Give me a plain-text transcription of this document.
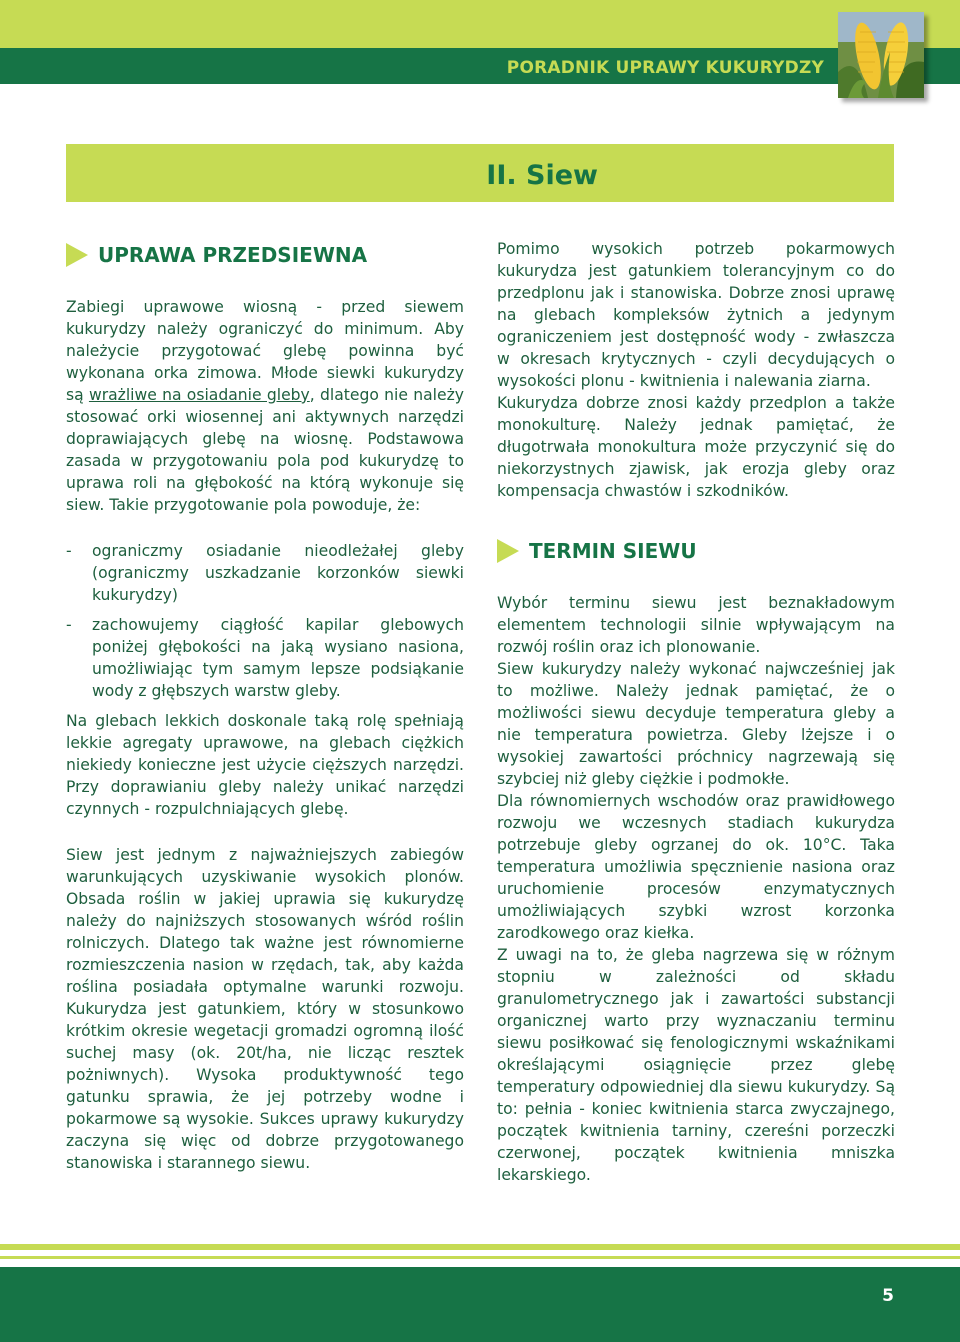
PORADNIK UPRAWY KUKURYDZY
II. Siew
UPRAWA PRZEDSIEWNA

Zabiegi uprawowe wiosną - przed siewem kukurydzy należy ograniczyć do minimum. Aby należycie przygotować glebę powinna być wykonana orka zimowa. Młode siewki kukurydzy są wrażliwe na osiadanie gleby, dlatego nie należy stosować orki wiosennej ani aktywnych narzędzi doprawiających glebę na wiosnę. Podstawowa zasada w przygotowaniu pola pod kukurydzę to uprawa roli na głębokość na którą wykonuje się siew. Takie przygotowanie pola powoduje, że:

-	ograniczmy osiadanie nieodleżałej gleby (ograniczmy uszkadzanie korzonków siewki kukurydzy)
-	zachowujemy ciągłość kapilar glebowych poniżej głębokości na jaką wysiano nasiona, umożliwiając tym samym lepsze podsiąkanie wody z głębszych warstw gleby.

Na glebach lekkich doskonale taką rolę spełniają lekkie agregaty uprawowe, na glebach ciężkich niekiedy konieczne jest użycie cięższych narzędzi. Przy doprawianiu gleby należy unikać narzędzi czynnych - rozpulchniających glebę.

Siew jest jednym z najważniejszych zabiegów warunkujących uzyskiwanie wysokich plonów. Obsada roślin w jakiej uprawia się kukurydzę należy do najniższych stosowanych wśród roślin rolniczych. Dlatego tak ważne jest równomierne rozmieszczenia nasion w rzędach, tak, aby każda roślina posiadała optymalne warunki rozwoju. Kukurydza jest gatunkiem, który w stosunkowo krótkim okresie wegetacji gromadzi ogromną ilość suchej masy (ok. 20t/ha, nie licząc resztek pożniwnych). Wysoka produktywność tego gatunku sprawia, że jej potrzeby wodne i pokarmowe są wysokie. Sukces uprawy kukurydzy zaczyna się więc od dobrze przygotowanego stanowiska i starannego siewu.

Pomimo wysokich potrzeb pokarmowych kukurydza jest gatunkiem tolerancyjnym co do przedplonu jak i stanowiska. Dobrze znosi uprawę na glebach kompleksów żytnich a jedynym ograniczeniem jest dostępność wody - zwłaszcza w okresach krytycznych - czyli decydujących o wysokości plonu - kwitnienia i nalewania ziarna.

Kukurydza dobrze znosi każdy przedplon a także monokulturę. Należy jednak pamiętać, że długotrwała monokultura może przyczynić się do niekorzystnych zjawisk, jak erozja gleby oraz kompensacja chwastów i szkodników.

TERMIN SIEWU

Wybór terminu siewu jest beznakładowym elementem technologii silnie wpływającym na rozwój roślin oraz ich plonowanie.

Siew kukurydzy należy wykonać najwcześniej jak to możliwe. Należy jednak pamiętać, że o możliwości siewu decyduje temperatura gleby a nie temperatura powietrza. Gleby lżejsze i o wysokiej zawartości próchnicy nagrzewają się szybciej niż gleby ciężkie i podmokłe.

Dla równomiernych wschodów oraz prawidłowego rozwoju we wczesnych stadiach kukurydza potrzebuje gleby ogrzanej do ok. 10°C. Taka temperatura umożliwia spęcznienie nasiona oraz uruchomienie procesów enzymatycznych umożliwiających szybki wzrost korzonka zarodkowego oraz kiełka.

Z uwagi na to, że gleba nagrzewa się w różnym stopniu w zależności od składu granulometrycznego jak i zawartości substancji organicznej warto przy wyznaczaniu terminu siewu posiłkować się fenologicznymi wskaźnikami określającymi osiągnięcie przez glebę temperatury odpowiedniej dla siewu kukurydzy. Są to: pełnia - koniec kwitnienia starca zwyczajnego, początek kwitnienia tarniny, czereśni porzeczki czerwonej, początek kwitnienia mniszka lekarskiego.

5
